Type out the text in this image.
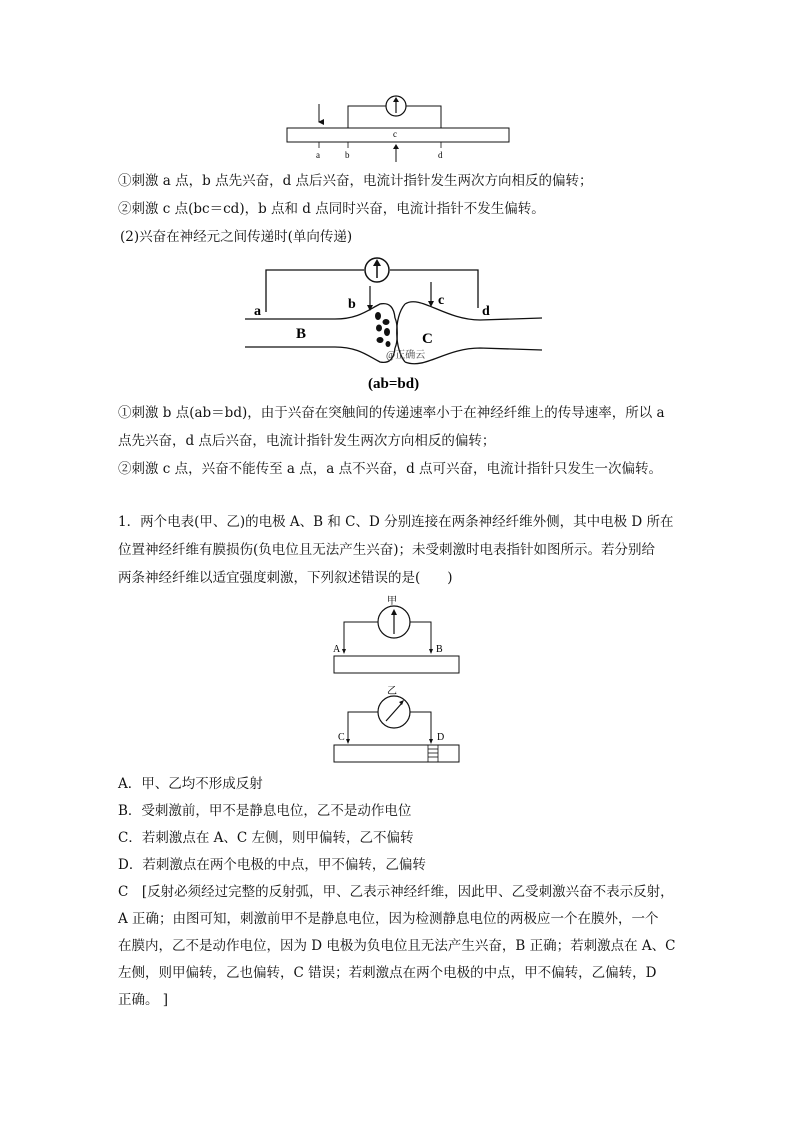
c
a	b	d
①刺激 a 点，b 点先兴奋，d 点后兴奋，电流计指针发生两次方向相反的偏转；
②刺激 c 点(bc＝cd)，b 点和 d 点同时兴奋，电流计指针不发生偏转。
(2)兴奋在神经元之间传递时(单向传递)
a	b	c
d
B	C
@正确云
(ab=bd)
①刺激 b 点(ab＝bd)，由于兴奋在突触间的传递速率小于在神经纤维上的传导速率，所以 a
点先兴奋，d 点后兴奋，电流计指针发生两次方向相反的偏转；
②刺激 c 点，兴奋不能传至 a 点，a 点不兴奋，d 点可兴奋，电流计指针只发生一次偏转。
1．两个电表(甲、乙)的电极 A、B 和 C、D 分别连接在两条神经纤维外侧，其中电极 D 所在
位置神经纤维有膜损伤(负电位且无法产生兴奋)；未受刺激时电表指针如图所示。若分别给
两条神经纤维以适宜强度刺激，下列叙述错误的是(　　)
甲
A	B
乙
C	D
A．甲、乙均不形成反射
B．受刺激前，甲不是静息电位，乙不是动作电位
C．若刺激点在 A、C 左侧，则甲偏转，乙不偏转
D．若刺激点在两个电极的中点，甲不偏转，乙偏转
C　[反射必须经过完整的反射弧，甲、乙表示神经纤维，因此甲、乙受刺激兴奋不表示反射，
A 正确；由图可知，刺激前甲不是静息电位，因为检测静息电位的两极应一个在膜外，一个
在膜内，乙不是动作电位，因为 D 电极为负电位且无法产生兴奋，B 正确；若刺激点在 A、C
左侧，则甲偏转，乙也偏转，C 错误；若刺激点在两个电极的中点，甲不偏转，乙偏转，D
正确。 ]
